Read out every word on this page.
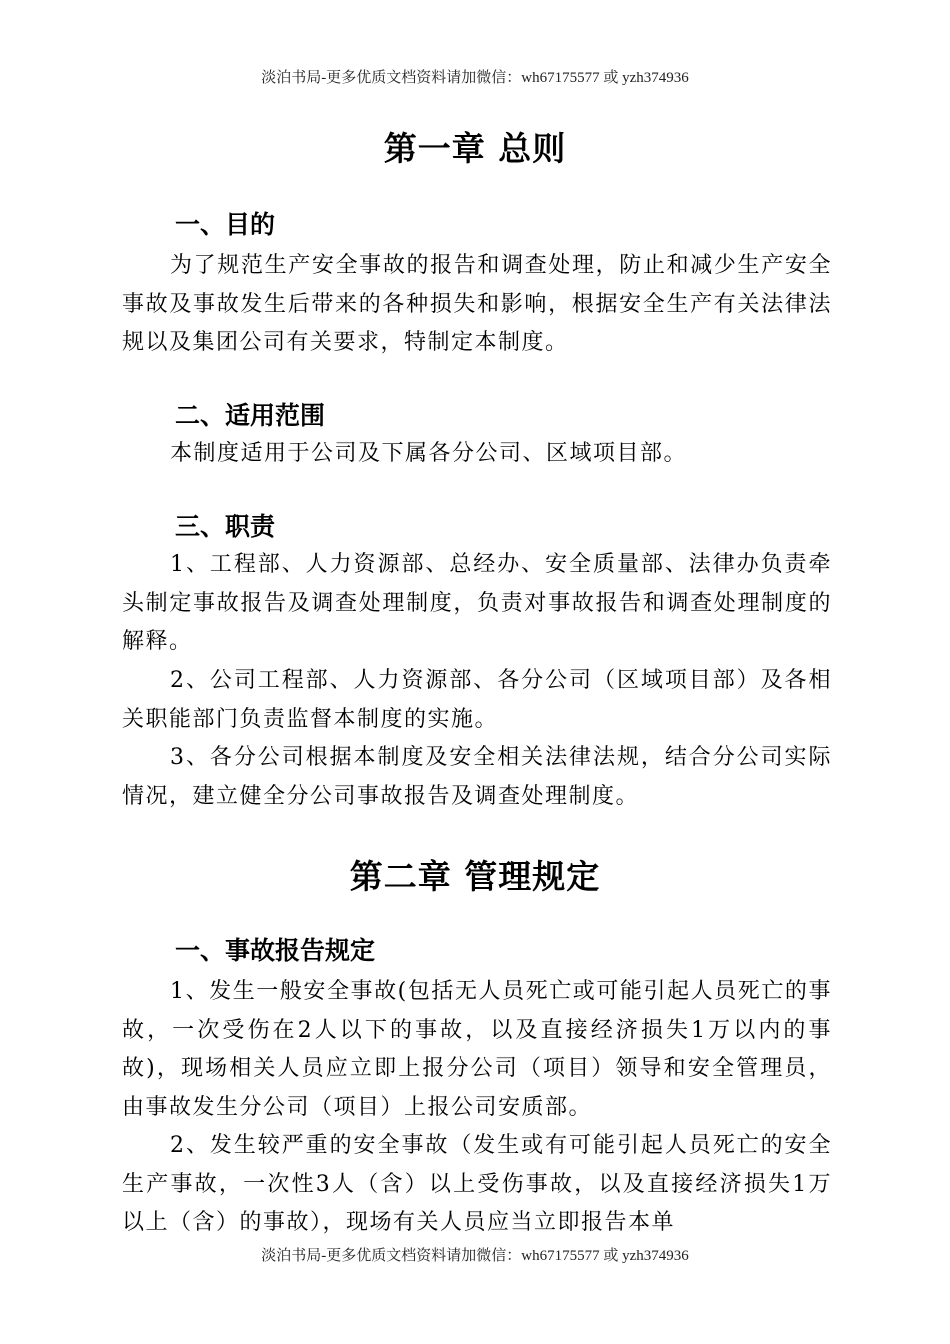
淡泊书局-更多优质文档资料请加微信：wh67175577 或 yzh374936
第一章 总则
一、目的

为了规范生产安全事故的报告和调查处理，防止和减少生产安全事故及事故发生后带来的各种损失和影响，根据安全生产有关法律法规以及集团公司有关要求，特制定本制度。

二、适用范围

本制度适用于公司及下属各分公司、区域项目部。

三、职责

1、工程部、人力资源部、总经办、安全质量部、法律办负责牵头制定事故报告及调查处理制度，负责对事故报告和调查处理制度的解释。

2、公司工程部、人力资源部、各分公司（区域项目部）及各相关职能部门负责监督本制度的实施。

3、各分公司根据本制度及安全相关法律法规，结合分公司实际情况，建立健全分公司事故报告及调查处理制度。

第二章 管理规定
一、事故报告规定

1、发生一般安全事故(包括无人员死亡或可能引起人员死亡的事故，一次受伤在2人以下的事故，以及直接经济损失1万以内的事故)，现场相关人员应立即上报分公司（项目）领导和安全管理员，由事故发生分公司（项目）上报公司安质部。

2、发生较严重的安全事故（发生或有可能引起人员死亡的安全生产事故，一次性3人（含）以上受伤事故，以及直接经济损失1万以上（含）的事故），现场有关人员应当立即报告本单

淡泊书局-更多优质文档资料请加微信：wh67175577 或 yzh374936
